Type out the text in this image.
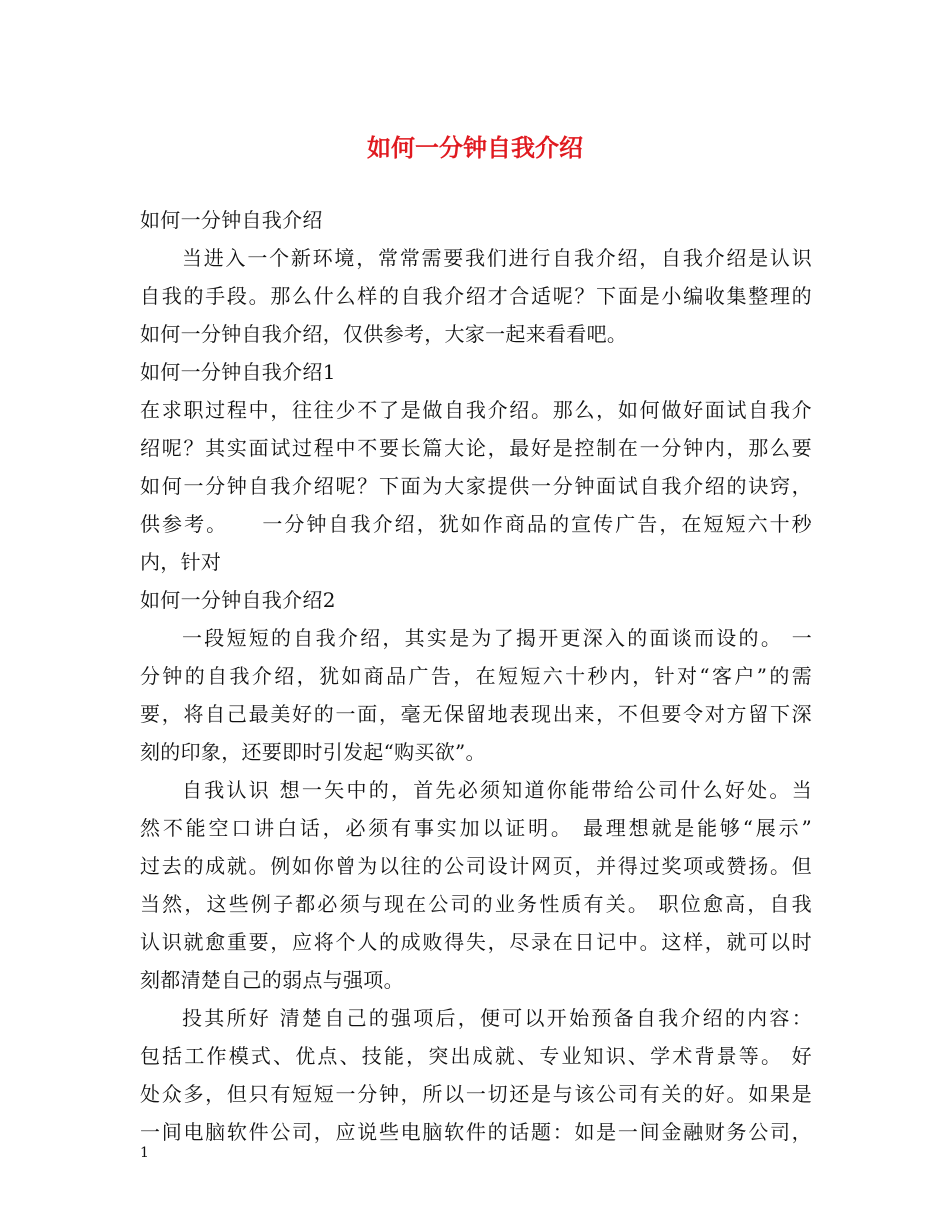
如何一分钟自我介绍
如何一分钟自我介绍
当进入一个新环境，常常需要我们进行自我介绍，自我介绍是认识
自我的手段。那么什么样的自我介绍才合适呢？下面是小编收集整理的
如何一分钟自我介绍，仅供参考，大家一起来看看吧。
如何一分钟自我介绍1
在求职过程中，往往少不了是做自我介绍。那么，如何做好面试自我介
绍呢？其实面试过程中不要长篇大论，最好是控制在一分钟内，那么要
如何一分钟自我介绍呢？下面为大家提供一分钟面试自我介绍的诀窍，
供参考。　　一分钟自我介绍，犹如作商品的宣传广告，在短短六十秒
内，针对
如何一分钟自我介绍2
一段短短的自我介绍，其实是为了揭开更深入的面谈而设的。 一
分钟的自我介绍，犹如商品广告，在短短六十秒内，针对“客户”的需
要，将自己最美好的一面，毫无保留地表现出来，不但要令对方留下深
刻的印象，还要即时引发起“购买欲”。
自我认识 想一矢中的，首先必须知道你能带给公司什么好处。当
然不能空口讲白话，必须有事实加以证明。 最理想就是能够“展示”
过去的成就。例如你曾为以往的公司设计网页，并得过奖项或赞扬。但
当然，这些例子都必须与现在公司的业务性质有关。 职位愈高，自我
认识就愈重要，应将个人的成败得失，尽录在日记中。这样，就可以时
刻都清楚自己的弱点与强项。
投其所好 清楚自己的强项后，便可以开始预备自我介绍的内容：
包括工作模式、优点、技能，突出成就、专业知识、学术背景等。 好
处众多，但只有短短一分钟，所以一切还是与该公司有关的好。如果是
一间电脑软件公司，应说些电脑软件的话题：如是一间金融财务公司，
1
